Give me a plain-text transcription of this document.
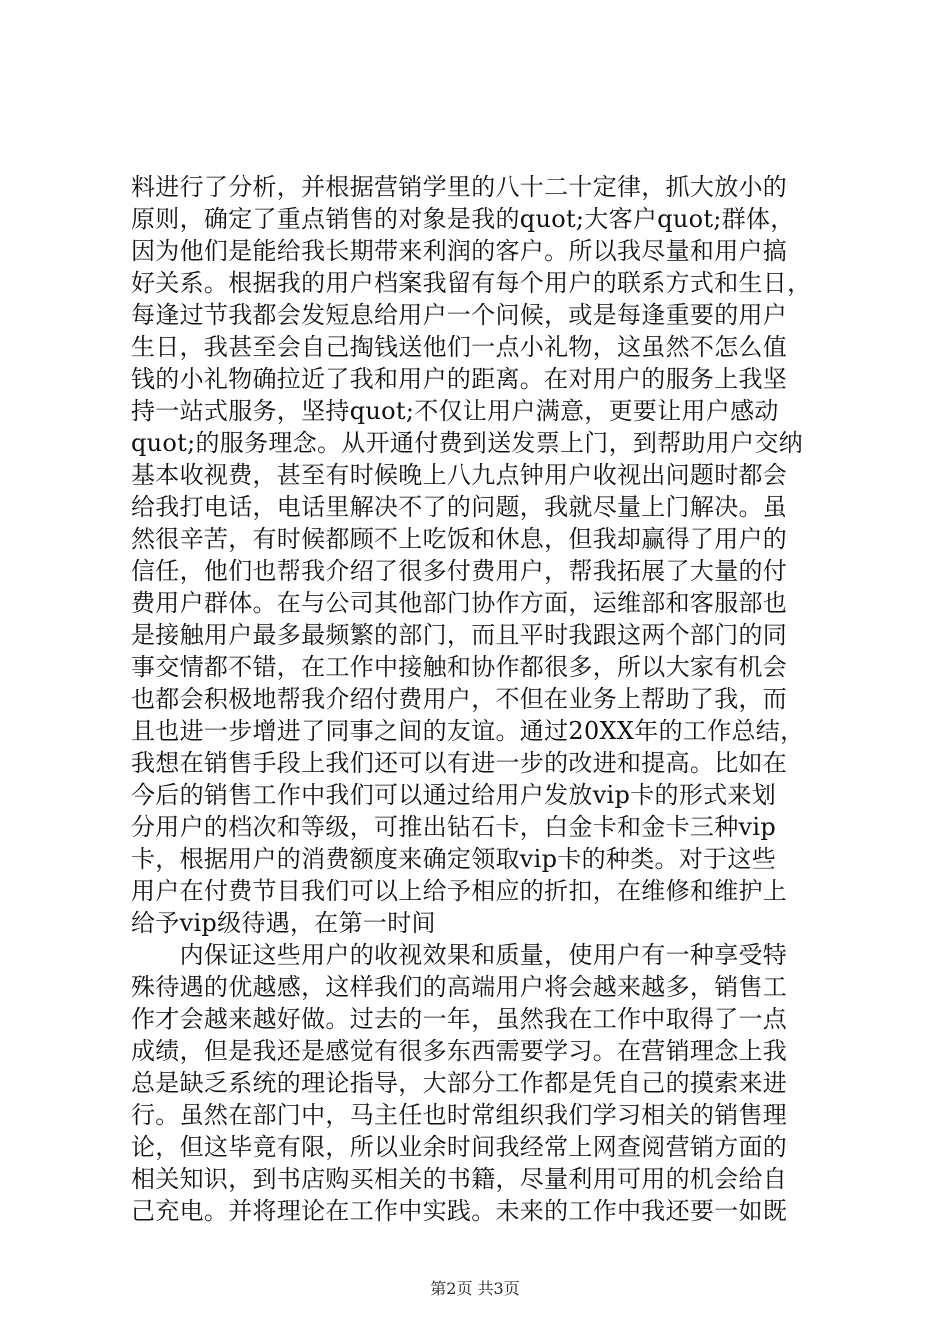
料进行了分析，并根据营销学里的八十二十定律，抓大放小的
原则，确定了重点销售的对象是我的quot;大客户quot;群体，
因为他们是能给我长期带来利润的客户。所以我尽量和用户搞
好关系。根据我的用户档案我留有每个用户的联系方式和生日，
每逢过节我都会发短息给用户一个问候，或是每逢重要的用户
生日，我甚至会自己掏钱送他们一点小礼物，这虽然不怎么值
钱的小礼物确拉近了我和用户的距离。在对用户的服务上我坚
持一站式服务，坚持quot;不仅让用户满意，更要让用户感动
quot;的服务理念。从开通付费到送发票上门，到帮助用户交纳
基本收视费，甚至有时候晚上八九点钟用户收视出问题时都会
给我打电话，电话里解决不了的问题，我就尽量上门解决。虽
然很辛苦，有时候都顾不上吃饭和休息，但我却赢得了用户的
信任，他们也帮我介绍了很多付费用户，帮我拓展了大量的付
费用户群体。在与公司其他部门协作方面，运维部和客服部也
是接触用户最多最频繁的部门，而且平时我跟这两个部门的同
事交情都不错，在工作中接触和协作都很多，所以大家有机会
也都会积极地帮我介绍付费用户，不但在业务上帮助了我，而
且也进一步增进了同事之间的友谊。通过20XX年的工作总结，
我想在销售手段上我们还可以有进一步的改进和提高。比如在
今后的销售工作中我们可以通过给用户发放vip卡的形式来划
分用户的档次和等级，可推出钻石卡，白金卡和金卡三种vip
卡，根据用户的消费额度来确定领取vip卡的种类。对于这些
用户在付费节目我们可以上给予相应的折扣，在维修和维护上
给予vip级待遇，在第一时间
　　内保证这些用户的收视效果和质量，使用户有一种享受特
殊待遇的优越感，这样我们的高端用户将会越来越多，销售工
作才会越来越好做。过去的一年，虽然我在工作中取得了一点
成绩，但是我还是感觉有很多东西需要学习。在营销理念上我
总是缺乏系统的理论指导，大部分工作都是凭自己的摸索来进
行。虽然在部门中，马主任也时常组织我们学习相关的销售理
论，但这毕竟有限，所以业余时间我经常上网查阅营销方面的
相关知识，到书店购买相关的书籍，尽量利用可用的机会给自
己充电。并将理论在工作中实践。未来的工作中我还要一如既
第2页 共3页
